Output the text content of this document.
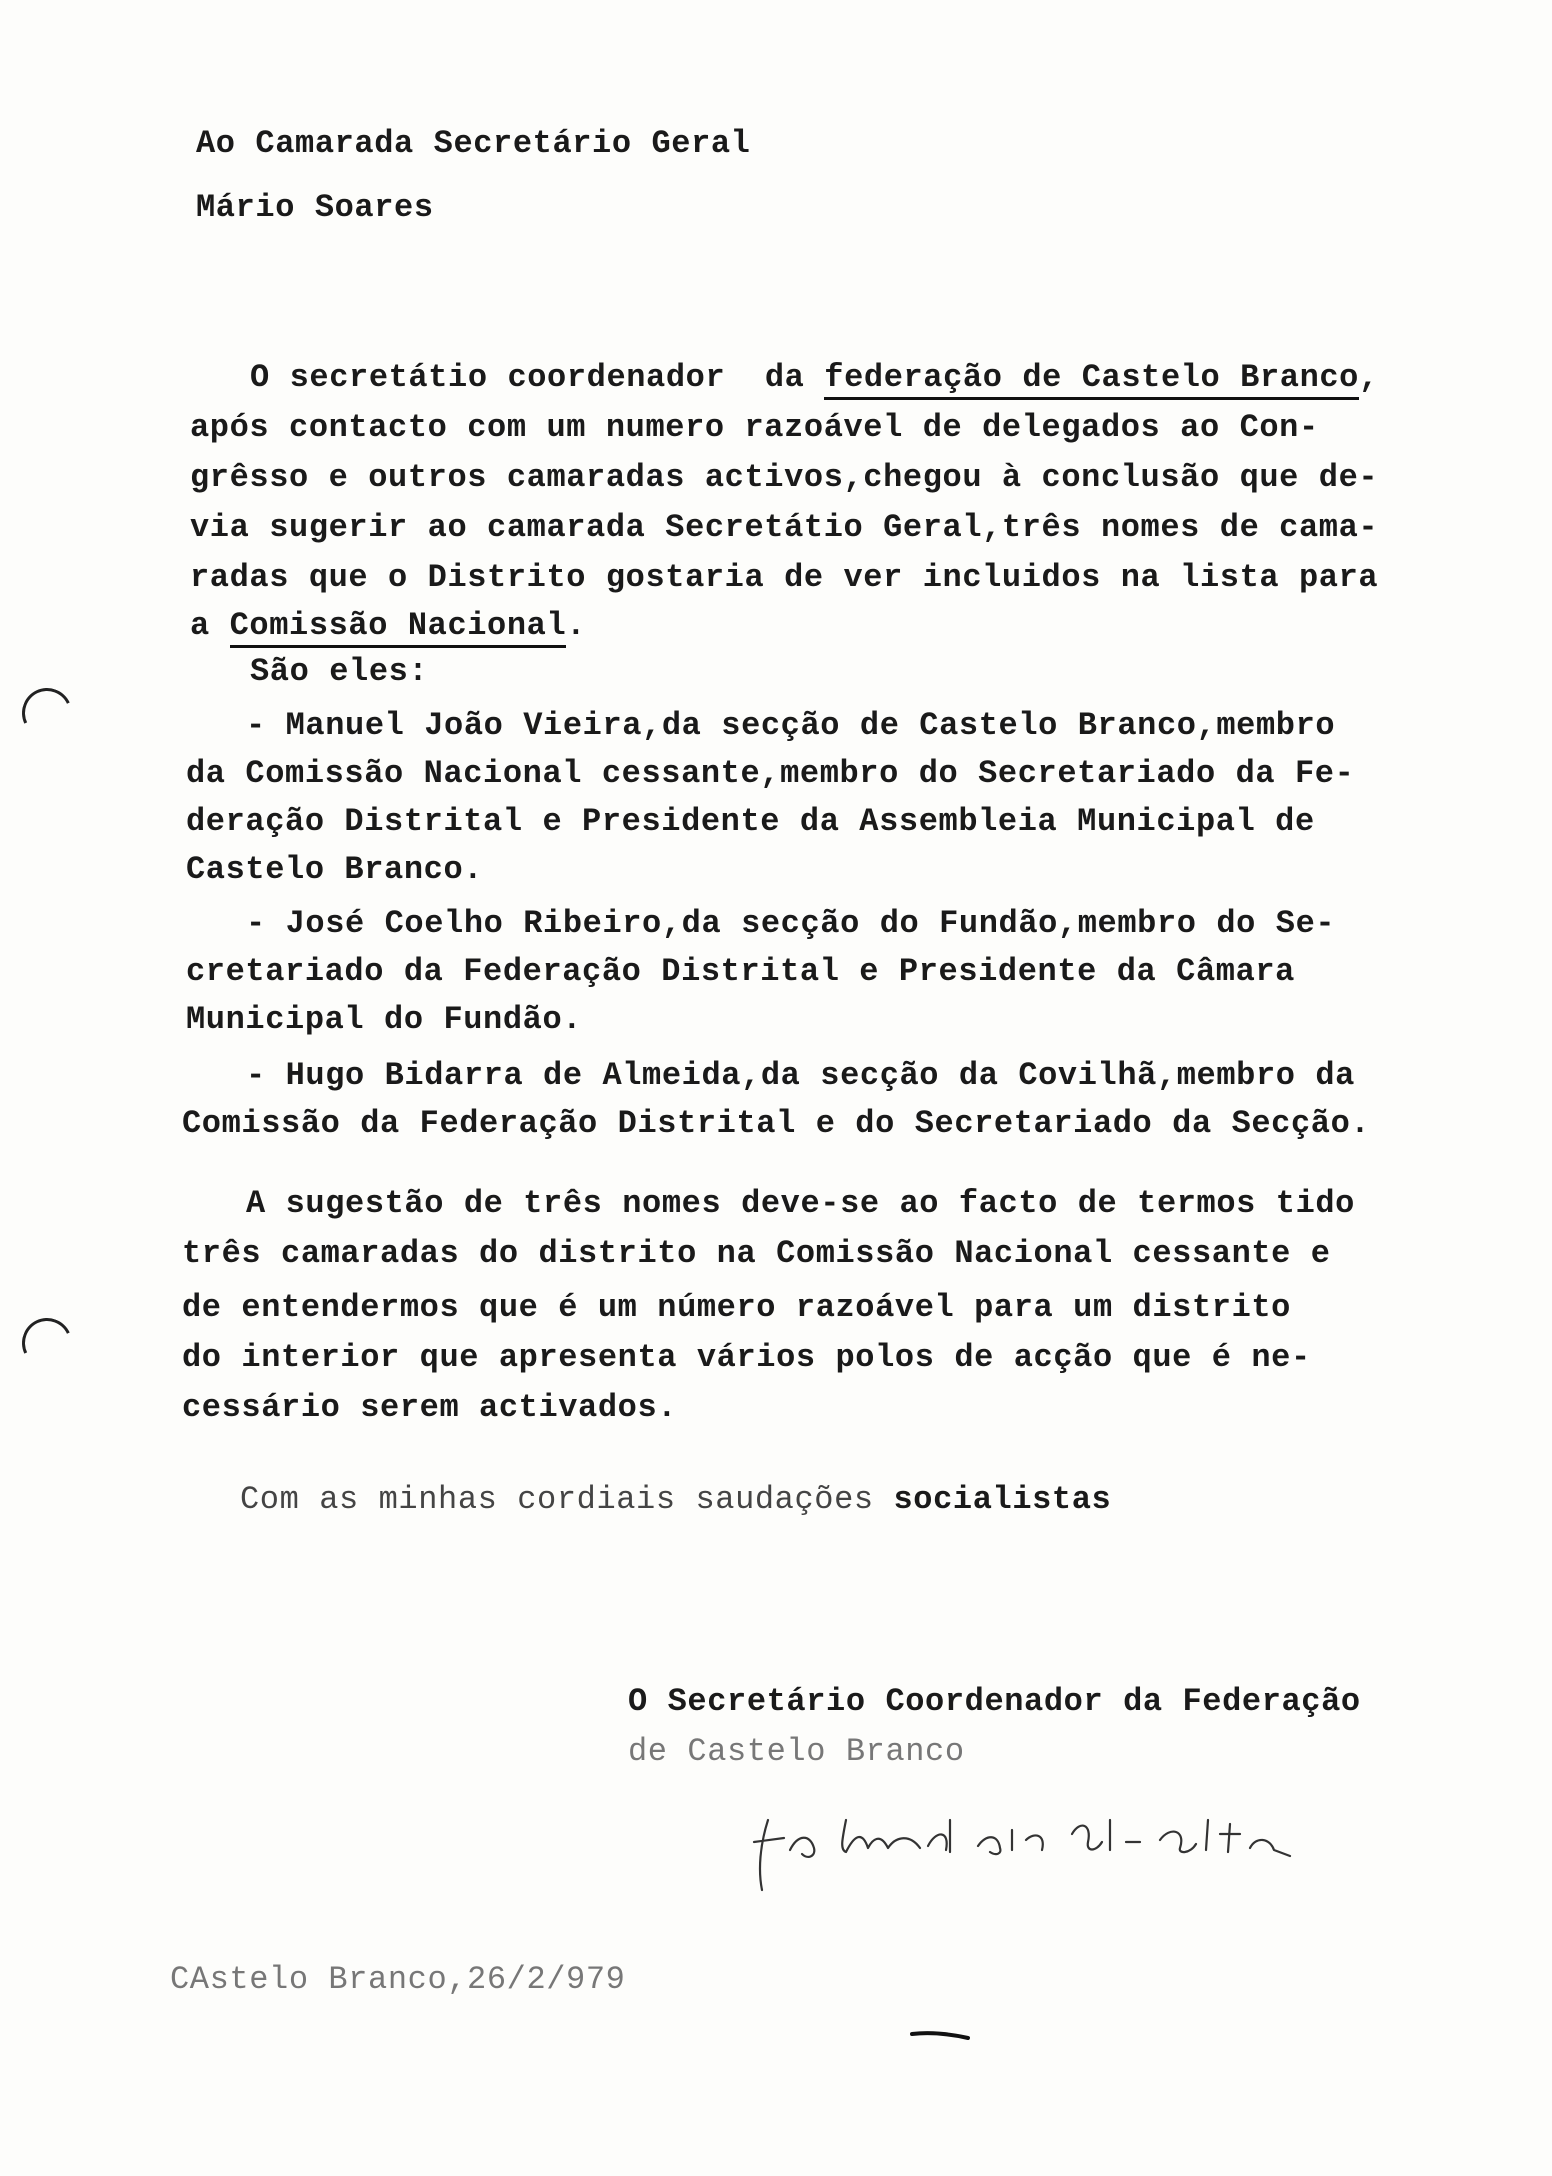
Ao Camarada Secretário Geral
Mário Soares
O secretátio coordenador  da federação de Castelo Branco,
após contacto com um numero razoável de delegados ao Con-
grêsso e outros camaradas activos,chegou à conclusão que de-
via sugerir ao camarada Secretátio Geral,três nomes de cama-
radas que o Distrito gostaria de ver incluidos na lista para
a Comissão Nacional.
São eles:
- Manuel João Vieira,da secção de Castelo Branco,membro
da Comissão Nacional cessante,membro do Secretariado da Fe-
deração Distrital e Presidente da Assembleia Municipal de
Castelo Branco.
- José Coelho Ribeiro,da secção do Fundão,membro do Se-
cretariado da Federação Distrital e Presidente da Câmara
Municipal do Fundão.
- Hugo Bidarra de Almeida,da secção da Covilhã,membro da
Comissão da Federação Distrital e do Secretariado da Secção.
A sugestão de três nomes deve-se ao facto de termos tido
três camaradas do distrito na Comissão Nacional cessante e
de entendermos que é um número razoável para um distrito
do interior que apresenta vários polos de acção que é ne-
cessário serem activados.
Com as minhas cordiais saudações socialistas
O Secretário Coordenador da Federação
de Castelo Branco
CAstelo Branco,26/2/979
